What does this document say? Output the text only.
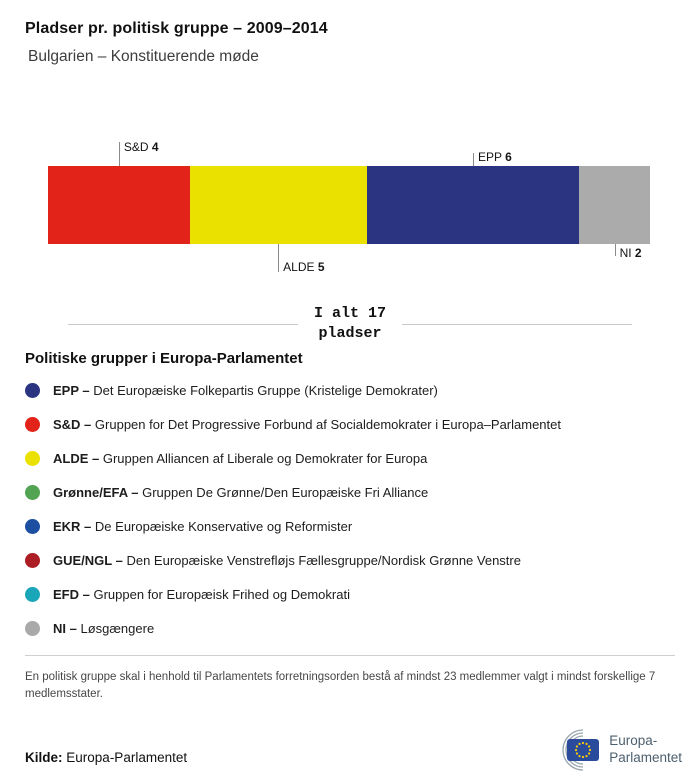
Pladser pr. politisk gruppe – 2009–2014
Bulgarien – Konstituerende møde
S&D 4
EPP 6
ALDE 5
NI 2
I alt 17
pladser
Politiske grupper i Europa-Parlamentet
EPP – Det Europæiske Folkepartis Gruppe (Kristelige Demokrater)
S&D – Gruppen for Det Progressive Forbund af Socialdemokrater i Europa–Parlamentet
ALDE – Gruppen Alliancen af Liberale og Demokrater for Europa
Grønne/EFA – Gruppen De Grønne/Den Europæiske Fri Alliance
EKR – De Europæiske Konservative og Reformister
GUE/NGL – Den Europæiske Venstrefløjs Fællesgruppe/Nordisk Grønne Venstre
EFD – Gruppen for Europæisk Frihed og Demokrati
NI – Løsgængere
En politisk gruppe skal i henhold til Parlamentets forretningsorden bestå af mindst 23 medlemmer valgt i mindst forskellige 7 medlemsstater.
Kilde: Europa-Parlamentet
Europa-
Parlamentet
